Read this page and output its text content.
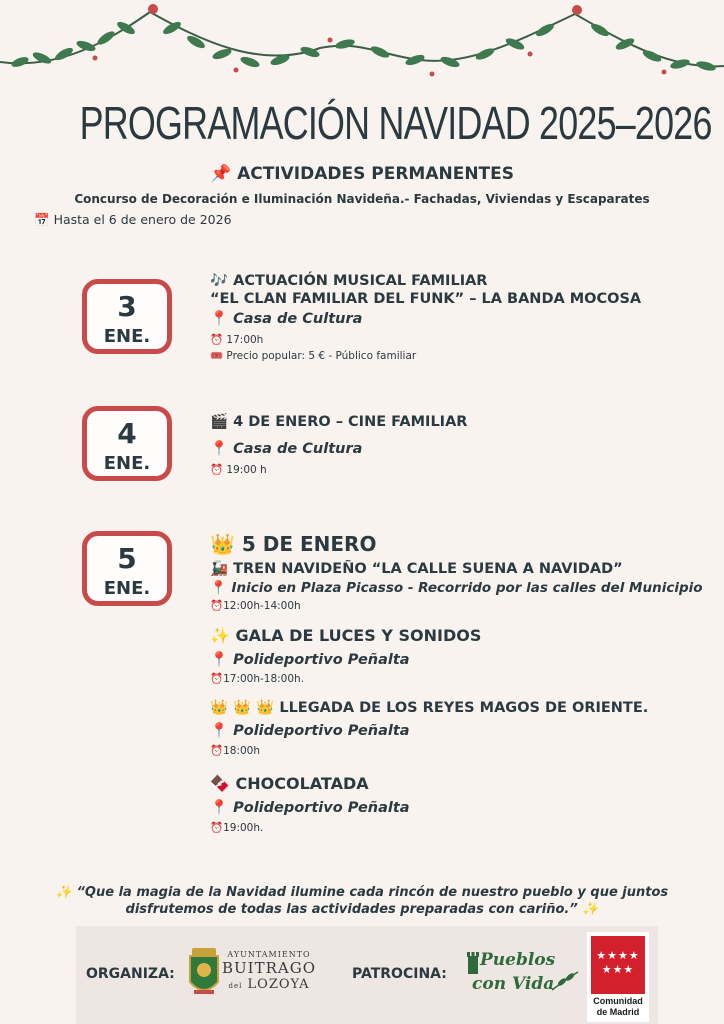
PROGRAMACIÓN NAVIDAD 2025–2026
📌 ACTIVIDADES PERMANENTES
Concurso de Decoración e Iluminación Navideña.- Fachadas, Viviendas y Escaparates
📅 Hasta el 6 de enero de 2026
3
ENE.
🎶 ACTUACIÓN MUSICAL FAMILIAR
“EL CLAN FAMILIAR DEL FUNK” – LA BANDA MOCOSA
📍 Casa de Cultura
⏰ 17:00h
🎟️ Precio popular: 5 € - Público familiar
4
ENE.
🎬 4 DE ENERO – CINE FAMILIAR
📍 Casa de Cultura
⏰ 19:00 h
5
ENE.
👑 5 DE ENERO
🚂 TREN NAVIDEÑO “LA CALLE SUENA A NAVIDAD”
📍 Inicio en Plaza Picasso - Recorrido por las calles del Municipio
⏰12:00h-14:00h
✨ GALA DE LUCES Y SONIDOS
📍 Polideportivo Peñalta
⏰17:00h-18:00h.
👑 👑 👑 LLEGADA DE LOS REYES MAGOS DE ORIENTE.
📍 Polideportivo Peñalta
⏰18:00h
🍫 CHOCOLATADA
📍 Polideportivo Peñalta
⏰19:00h.
✨ “Que la magia de la Navidad ilumine cada rincón de nuestro pueblo y que juntos
disfrutemos de todas las actividades preparadas con cariño.” ✨
ORGANIZA:
AYUNTAMIENTO
BUITRAGO
del LOZOYA
PATROCINA:
Pueblos
con Vida
★★★★
★★★
Comunidad
de Madrid
